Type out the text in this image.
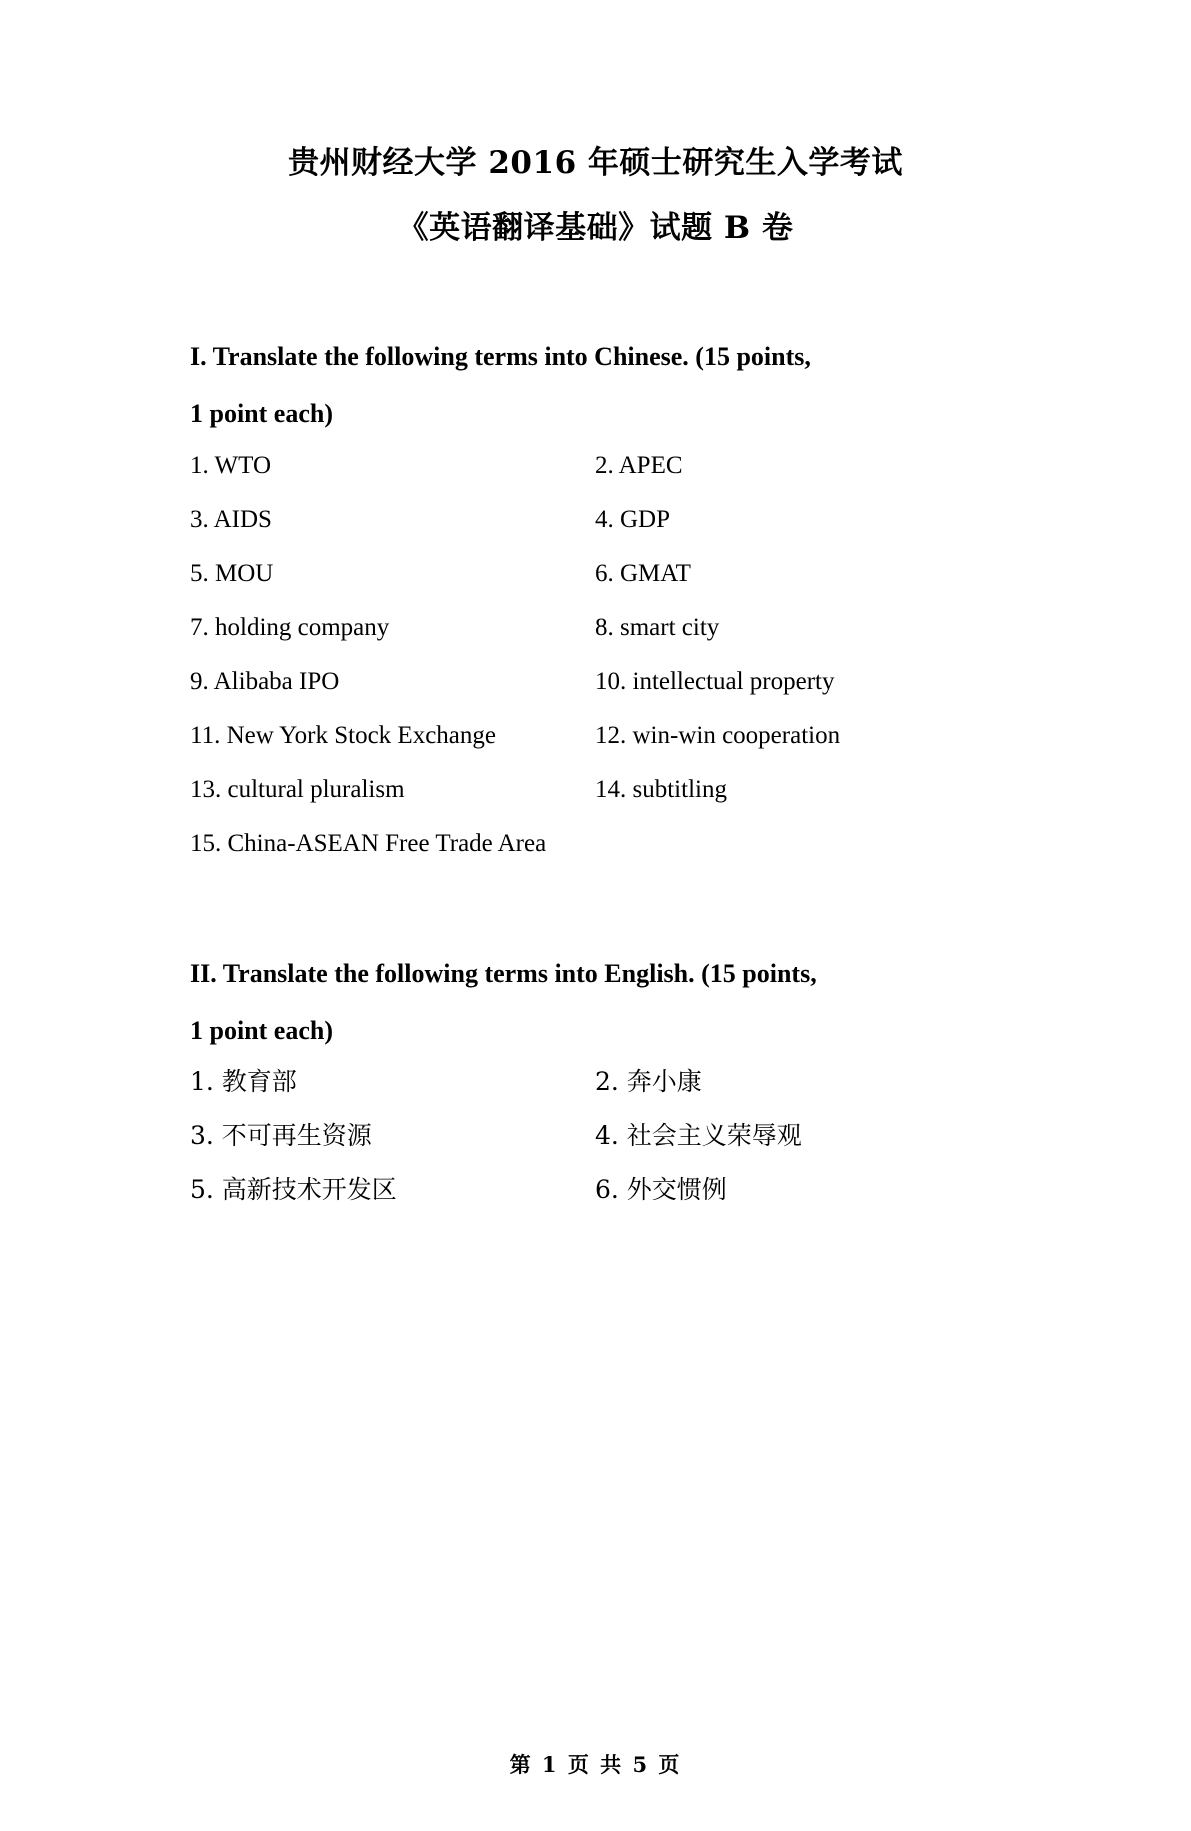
贵州财经大学 2016 年硕士研究生入学考试
《英语翻译基础》试题 B 卷
I. Translate the following terms into Chinese. (15 points,
1 point each)
1. WTO	2. APEC
3. AIDS	4. GDP
5. MOU	6. GMAT
7. holding company	8. smart city
9. Alibaba IPO	10. intellectual property
11. New York Stock Exchange	12. win-win cooperation
13. cultural pluralism	14. subtitling
15. China-ASEAN Free Trade Area
II. Translate the following terms into English. (15 points,
1 point each)
1. 教育部	2. 奔小康
3. 不可再生资源	4. 社会主义荣辱观
5. 高新技术开发区	6. 外交惯例
第 1 页 共 5 页
